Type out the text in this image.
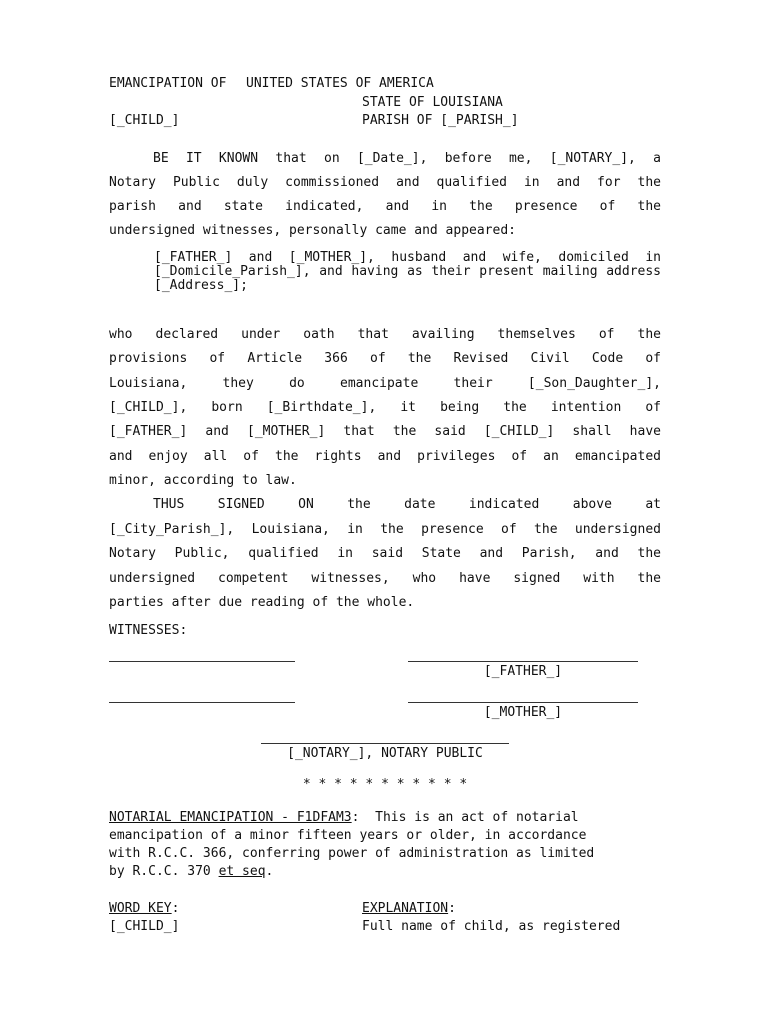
EMANCIPATION OF UNITED STATES OF AMERICA
STATE OF LOUISIANA
[_CHILD_]	PARISH OF [_PARISH_]
BE IT KNOWN that on [_Date_], before me, [_NOTARY_], a
Notary Public duly commissioned and qualified in and for the
parish and state indicated, and in the presence of the
undersigned witnesses, personally came and appeared:
[_FATHER_] and [_MOTHER_], husband and wife, domiciled in [_Domicile_Parish_], and having as their present mailing address [_Address_];
who declared under oath that availing themselves of the
provisions of Article 366 of the Revised Civil Code of
Louisiana, they do emancipate their [_Son_Daughter_],
[_CHILD_], born [_Birthdate_], it being the intention of
[_FATHER_] and [_MOTHER_] that the said [_CHILD_] shall have
and enjoy all of the rights and privileges of an emancipated
minor, according to law.
THUS SIGNED ON the date indicated above at
[_City_Parish_], Louisiana, in the presence of the undersigned
Notary Public, qualified in said State and Parish, and the
undersigned competent witnesses, who have signed with the
parties after due reading of the whole.
WITNESSES:
[_FATHER_]
[_MOTHER_]
[_NOTARY_], NOTARY PUBLIC
* * * * * * * * * * *
NOTARIAL EMANCIPATION - F1DFAM3:  This is an act of notarial
emancipation of a minor fifteen years or older, in accordance
with R.C.C. 366, conferring power of administration as limited
by R.C.C. 370 et seq.
WORD KEY:	EXPLANATION:
[_CHILD_]	Full name of child, as registered
